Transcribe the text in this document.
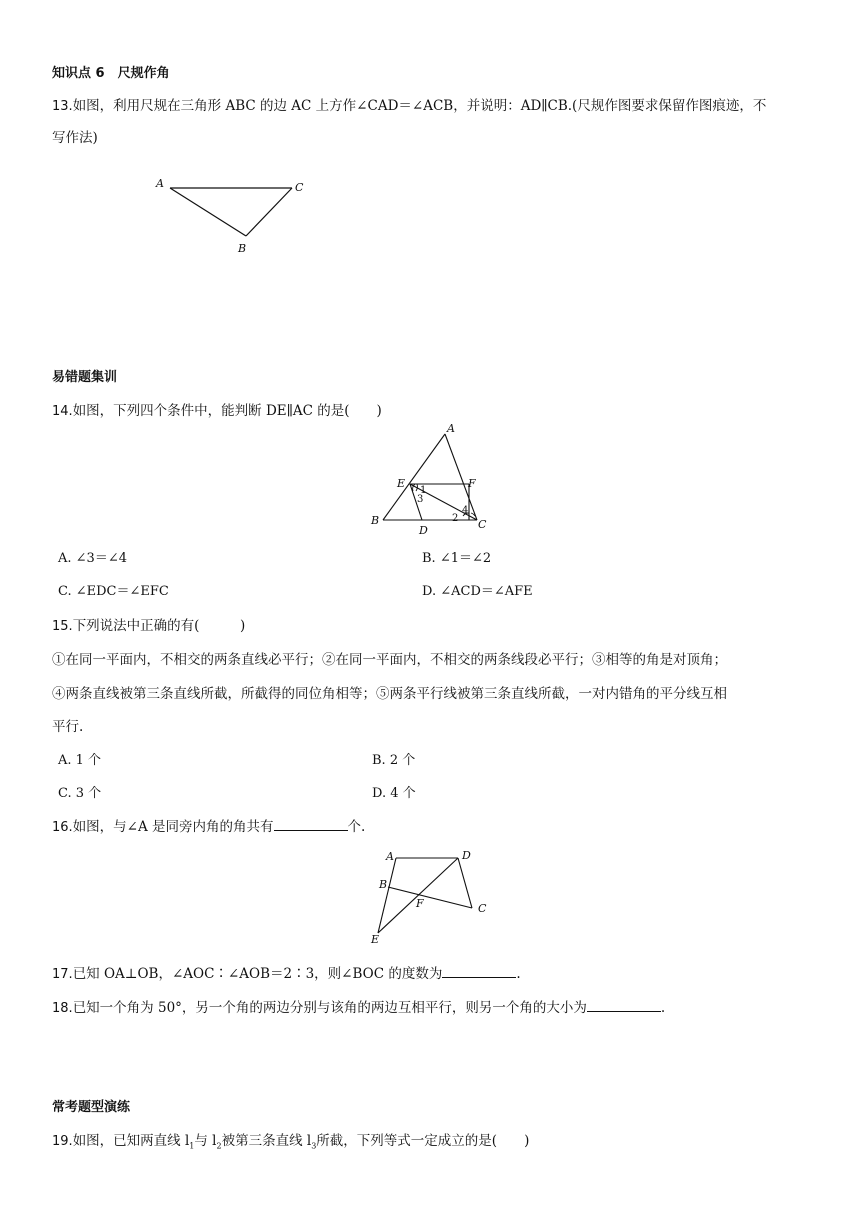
知识点 6　尺规作角
13.如图，利用尺规在三角形 ABC 的边 AC 上方作∠CAD＝∠ACB，并说明：AD∥CB.(尺规作图要求保留作图痕迹，不
写作法)
A	C
B
易错题集训
14.如图，下列四个条件中，能判断 DE∥AC 的是(　　)
A
E	F
B
D	C
1
3
2
4
A. ∠3＝∠4	B. ∠1＝∠2
C. ∠EDC＝∠EFC	D. ∠ACD＝∠AFE
15.下列说法中正确的有(　　　)
①在同一平面内，不相交的两条直线必平行；②在同一平面内，不相交的两条线段必平行；③相等的角是对顶角；
④两条直线被第三条直线所截，所截得的同位角相等；⑤两条平行线被第三条直线所截，一对内错角的平分线互相
平行.
A. 1 个	B. 2 个
C. 3 个	D. 4 个
16.如图，与∠A 是同旁内角的角共有	个.
A	D
B
F	C
E
17.已知 OA⊥OB，∠AOC∶∠AOB＝2∶3，则∠BOC 的度数为	.
18.已知一个角为 50°，另一个角的两边分别与该角的两边互相平行，则另一个角的大小为	.
常考题型演练
19.如图，已知两直线 $l_1$与 $l_2$被第三条直线 $l_3$所截，下列等式一定成立的是(　　)
